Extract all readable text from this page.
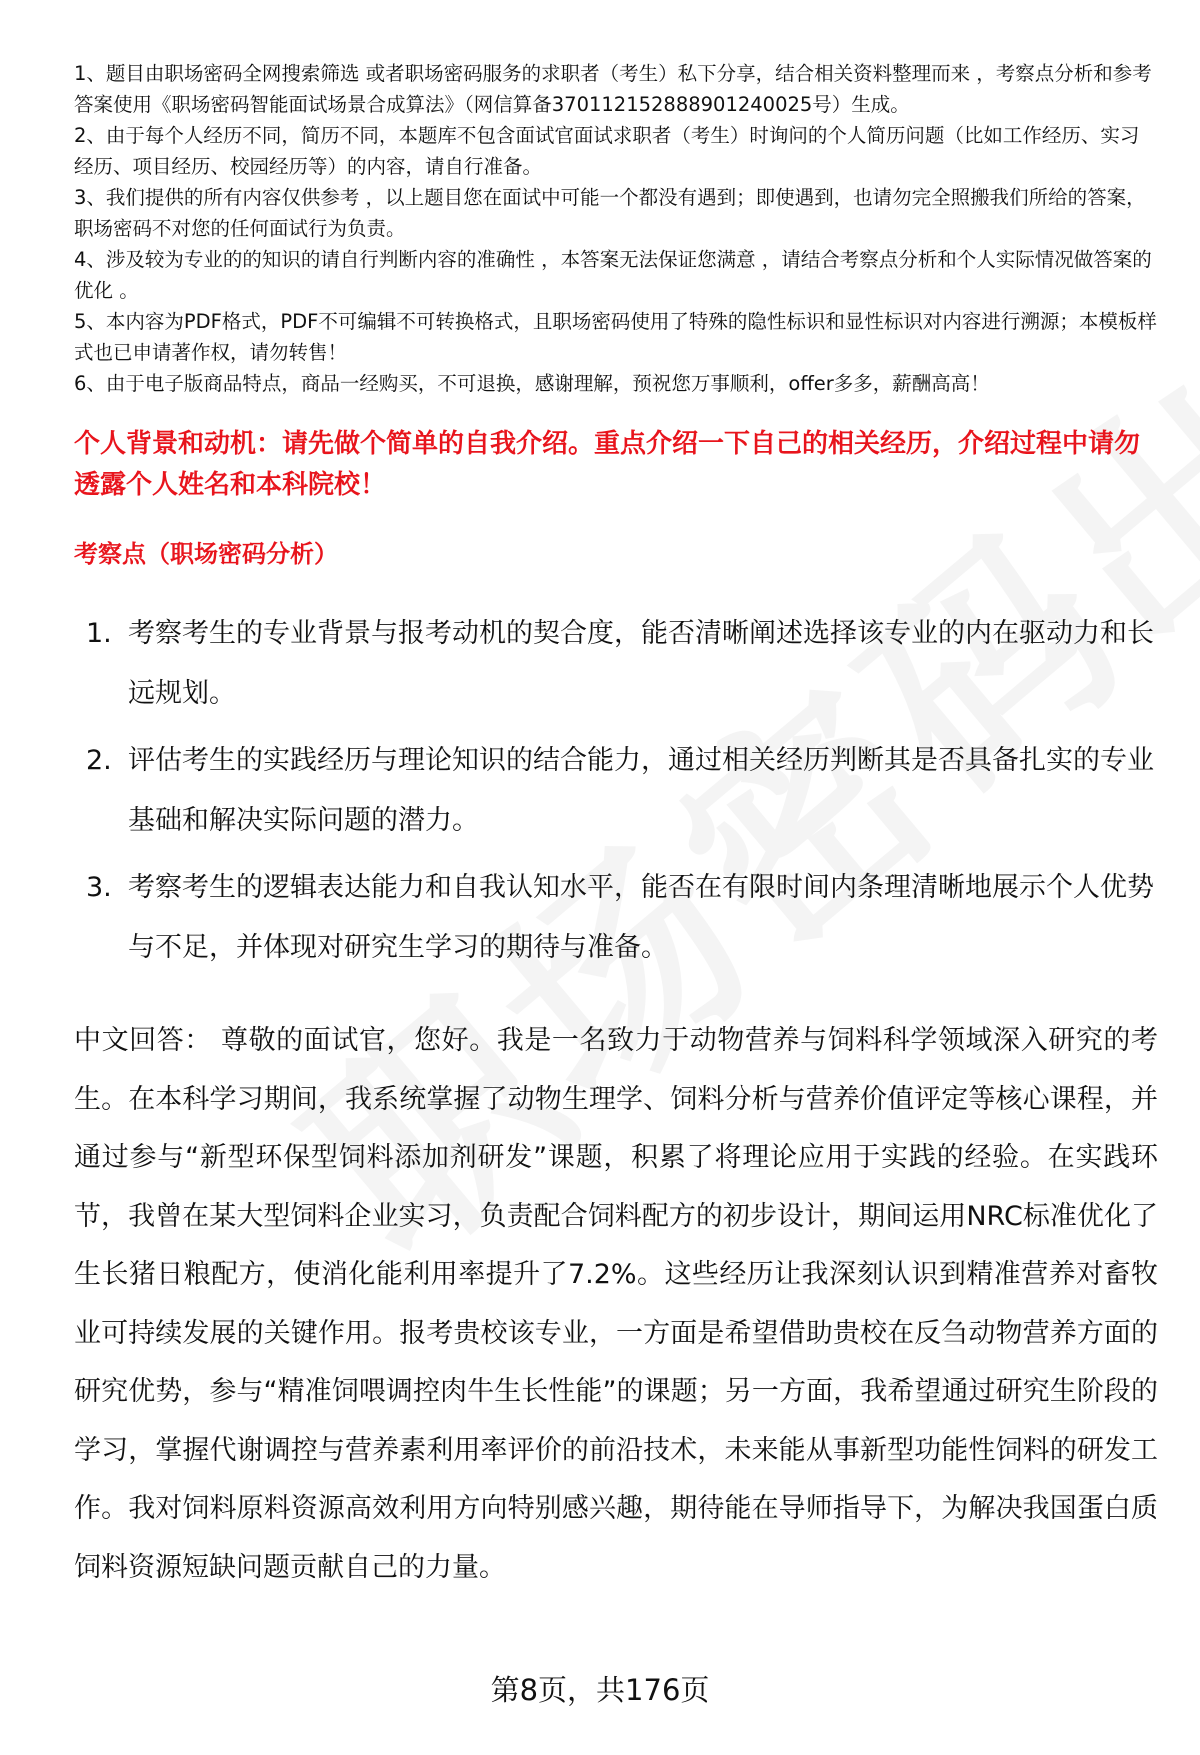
1、题目由职场密码全网搜索筛选 或者职场密码服务的求职者（考生）私下分享，结合相关资料整理而来 ，考察点分析和参考答案使用《职场密码智能面试场景合成算法》（网信算备370112152888901240025号）生成。
2、由于每个人经历不同，简历不同，本题库不包含面试官面试求职者（考生）时询问的个人简历问题（比如工作经历、实习经历、项目经历、校园经历等）的内容，请自行准备。
3、我们提供的所有内容仅供参考 ，以上题目您在面试中可能一个都没有遇到；即使遇到，也请勿完全照搬我们所给的答案，职场密码不对您的任何面试行为负责。
4、涉及较为专业的的知识的请自行判断内容的准确性 ，本答案无法保证您满意 ，请结合考察点分析和个人实际情况做答案的优化 。
5、本内容为PDF格式，PDF不可编辑不可转换格式，且职场密码使用了特殊的隐性标识和显性标识对内容进行溯源；本模板样式也已申请著作权，请勿转售！
6、由于电子版商品特点，商品一经购买，不可退换，感谢理解，预祝您万事顺利，offer多多，薪酬高高！
个人背景和动机：请先做个简单的自我介绍。重点介绍一下自己的相关经历，介绍过程中请勿透露个人姓名和本科院校！
考察点（职场密码分析）
1. 考察考生的专业背景与报考动机的契合度，能否清晰阐述选择该专业的内在驱动力和长远规划。
2. 评估考生的实践经历与理论知识的结合能力，通过相关经历判断其是否具备扎实的专业基础和解决实际问题的潜力。
3. 考察考生的逻辑表达能力和自我认知水平，能否在有限时间内条理清晰地展示个人优势与不足，并体现对研究生学习的期待与准备。

中文回答： 尊敬的面试官，您好。我是一名致力于动物营养与饲料科学领域深入研究的考生。在本科学习期间，我系统掌握了动物生理学、饲料分析与营养价值评定等核心课程，并通过参与“新型环保型饲料添加剂研发”课题，积累了将理论应用于实践的经验。在实践环节，我曾在某大型饲料企业实习，负责配合饲料配方的初步设计，期间运用NRC标准优化了生长猪日粮配方，使消化能利用率提升了7.2%。这些经历让我深刻认识到精准营养对畜牧业可持续发展的关键作用。报考贵校该专业，一方面是希望借助贵校在反刍动物营养方面的研究优势，参与“精准饲喂调控肉牛生长性能”的课题；另一方面，我希望通过研究生阶段的学习，掌握代谢调控与营养素利用率评价的前沿技术，未来能从事新型功能性饲料的研发工作。我对饲料原料资源高效利用方向特别感兴趣，期待能在导师指导下，为解决我国蛋白质饲料资源短缺问题贡献自己的力量。

第8页，共176页
